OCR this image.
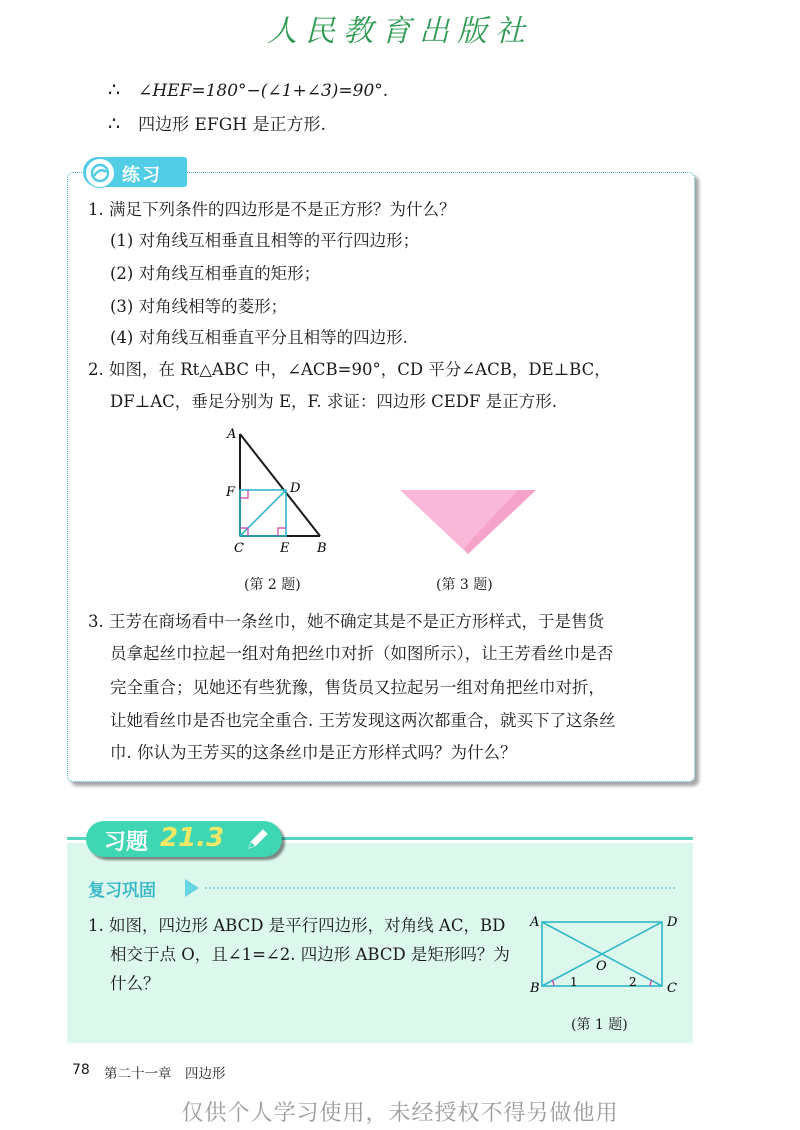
人民教育出版社
∴ ∠HEF=180°−(∠1+∠3)=90°.
∴ 四边形 EFGH 是正方形.
练习
1. 满足下列条件的四边形是不是正方形？为什么？
(1) 对角线互相垂直且相等的平行四边形；
(2) 对角线互相垂直的矩形；
(3) 对角线相等的菱形；
(4) 对角线互相垂直平分且相等的四边形.
2. 如图，在 Rt△ABC 中，∠ACB=90°，CD 平分∠ACB，DE⊥BC，
DF⊥AC，垂足分别为 E，F. 求证：四边形 CEDF 是正方形.
A
F	D
C	E B
(第 2 题)	(第 3 题)
3. 王芳在商场看中一条丝巾，她不确定其是不是正方形样式，于是售货
员拿起丝巾拉起一组对角把丝巾对折（如图所示），让王芳看丝巾是否
完全重合；见她还有些犹豫，售货员又拉起另一组对角把丝巾对折，
让她看丝巾是否也完全重合. 王芳发现这两次都重合，就买下了这条丝
巾. 你认为王芳买的这条丝巾是正方形样式吗？为什么？
习题 21.3
复习巩固
1. 如图，四边形 ABCD 是平行四边形，对角线 AC，BD
相交于点 O，且∠1=∠2. 四边形 ABCD 是矩形吗？为
什么？
A	D
O
B	1	2 C
(第 1 题)
78 第二十一章　四边形
仅供个人学习使用，未经授权不得另做他用
